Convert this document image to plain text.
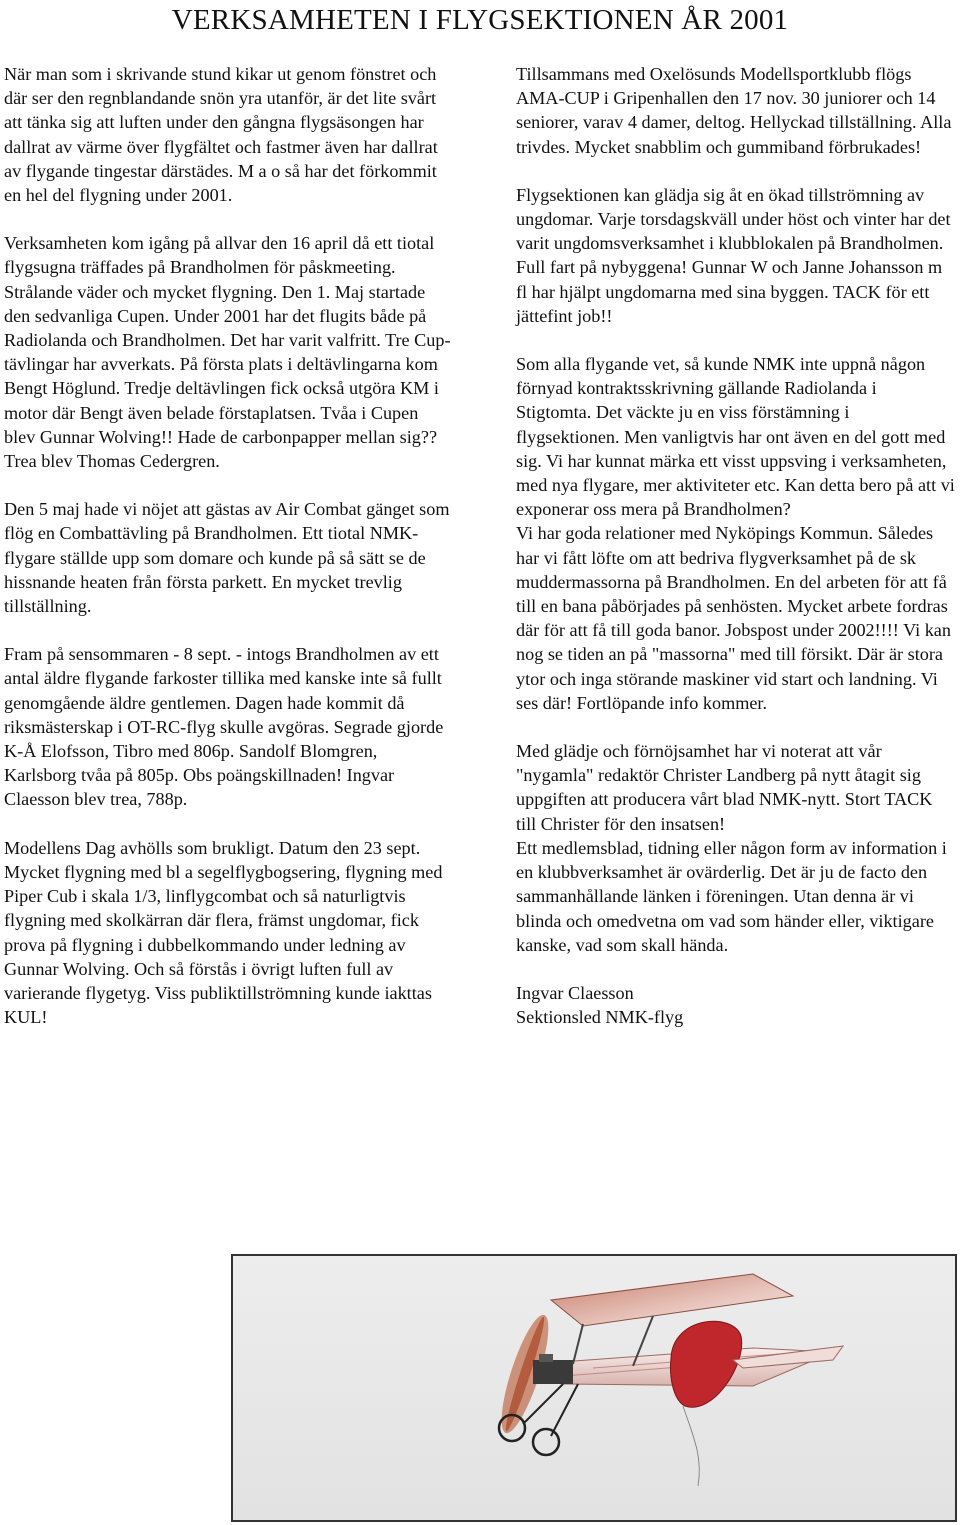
VERKSAMHETEN I FLYGSEKTIONEN ÅR 2001

När man som i skrivande stund kikar ut genom fönstret och där ser den regnblandande snön yra utanför, är det lite svårt att tänka sig att luften under den gångna flygsäsongen har dallrat av värme över flygfältet och fastmer även har dallrat av flygande tingestar därstädes. M a o så har det förkommit en hel del flygning under 2001.

Verksamheten kom igång på allvar den 16 april då ett tiotal flygsugna träffades på Brandholmen för påskmeeting. Strålande väder och mycket flygning. Den 1. Maj startade den sedvanliga Cupen. Under 2001 har det flugits både på Radiolanda och Brandholmen. Det har varit valfritt. Tre Cup-tävlingar har avverkats. På första plats i deltävlingarna kom Bengt Höglund. Tredje deltävlingen fick också utgöra KM i motor där Bengt även belade förstaplatsen. Tvåa i Cupen blev Gunnar Wolving!! Hade de carbonpapper mellan sig?? Trea blev Thomas Cedergren.

Den 5 maj hade vi nöjet att gästas av Air Combat gänget som flög en Combattävling på Brandholmen. Ett tiotal NMK-flygare ställde upp som domare och kunde på så sätt se de hissnande heaten från första parkett. En mycket trevlig tillställning.

Fram på sensommaren - 8 sept. - intogs Brandholmen av ett antal äldre flygande farkoster tillika med kanske inte så fullt genomgående äldre gentlemen. Dagen hade kommit då riksmästerskap i OT-RC-flyg skulle avgöras. Segrade gjorde K-Å Elofsson, Tibro med 806p. Sandolf Blomgren, Karlsborg tvåa på 805p. Obs poängskillnaden! Ingvar Claesson blev trea, 788p.

Modellens Dag avhölls som brukligt. Datum den 23 sept. Mycket flygning med bl a segelflygbogsering, flygning med Piper Cub i skala 1/3, linflygcombat och så naturligtvis flygning med skolkärran där flera, främst ungdomar, fick prova på flygning i dubbelkommando under ledning av Gunnar Wolving. Och så förstås i övrigt luften full av varierande flygetyg. Viss publiktillströmning kunde iakttas KUL!

Tillsammans med Oxelösunds Modellsportklubb flögs AMA-CUP i Gripenhallen den 17 nov. 30 juniorer och 14 seniorer, varav 4 damer, deltog. Hellyckad tillställning. Alla trivdes. Mycket snabblim och gummiband förbrukades!

Flygsektionen kan glädja sig åt en ökad tillströmning av ungdomar. Varje torsdagskväll under höst och vinter har det varit ungdomsverksamhet i klubblokalen på Brandholmen. Full fart på nybyggena! Gunnar W och Janne Johansson m fl har hjälpt ungdomarna med sina byggen. TACK för ett jättefint job!!

Som alla flygande vet, så kunde NMK inte uppnå någon förnyad kontraktsskrivning gällande Radiolanda i Stigtomta. Det väckte ju en viss förstämning i flygsektionen. Men vanligtvis har ont även en del gott med sig. Vi har kunnat märka ett visst uppsving i verksamheten, med nya flygare, mer aktiviteter etc. Kan detta bero på att vi exponerar oss mera på Brandholmen?

Vi har goda relationer med Nyköpings Kommun. Således har vi fått löfte om att bedriva flygverksamhet på de sk muddermassorna på Brandholmen. En del arbeten för att få till en bana påbörjades på senhösten. Mycket arbete fordras där för att få till goda banor. Jobspost under 2002!!!! Vi kan nog se tiden an på "massorna" med till försikt. Där är stora ytor och inga störande maskiner vid start och landning. Vi ses där! Fortlöpande info kommer.

Med glädje och förnöjsamhet har vi noterat att vår "nygamla" redaktör Christer Landberg på nytt åtagit sig uppgiften att producera vårt blad NMK-nytt. Stort TACK till Christer för den insatsen!

Ett medlemsblad, tidning eller någon form av information i en klubbverksamhet är ovärderlig. Det är ju de facto den sammanhållande länken i föreningen. Utan denna är vi blinda och omedvetna om vad som händer eller, viktigare kanske, vad som skall hända.

Ingvar Claesson
Sektionsled NMK-flyg
